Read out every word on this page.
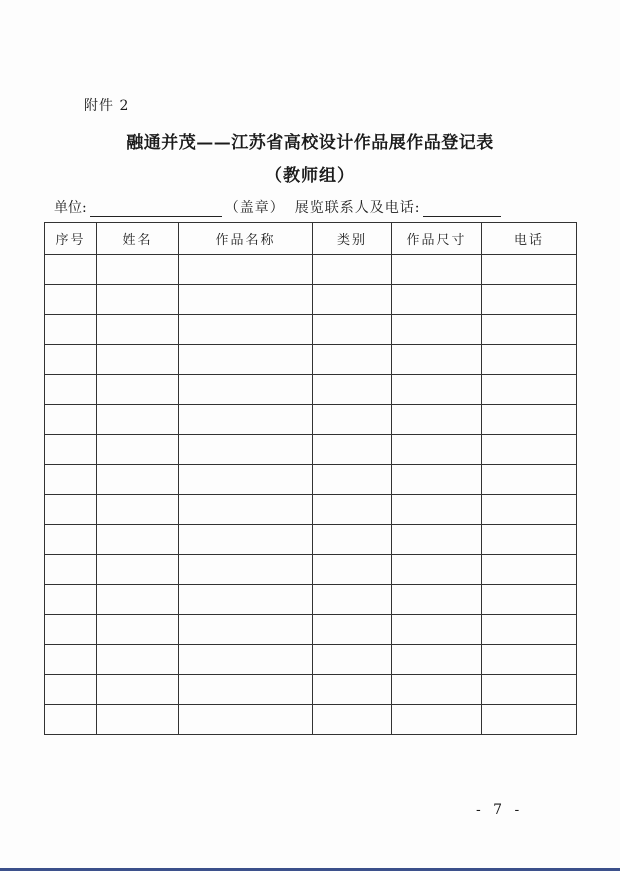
附件 2
融通并茂——江苏省高校设计作品展作品登记表
（教师组）
单位:	（盖章） 展览联系人及电话:
序号	姓名	作品名称	类别	作品尺寸	电话

- 7 -
